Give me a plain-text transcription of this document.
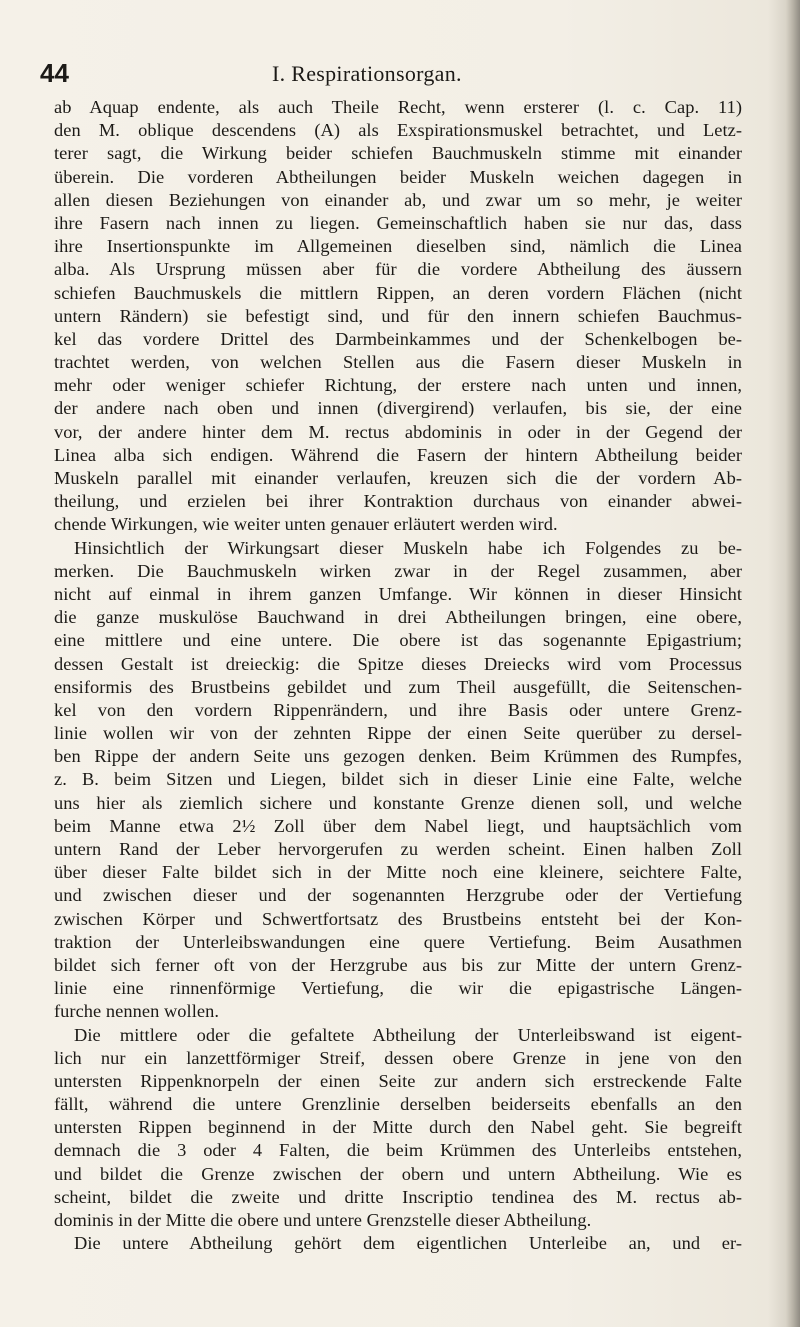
44	I. Respirationsorgan.
ab Aquap endente, als auch Theile Recht, wenn ersterer (l. c. Cap. 11)
den M. oblique descendens (A) als Exspirationsmuskel betrachtet, und Letz-
terer sagt, die Wirkung beider schiefen Bauchmuskeln stimme mit einander
überein. Die vorderen Abtheilungen beider Muskeln weichen dagegen in
allen diesen Beziehungen von einander ab, und zwar um so mehr, je weiter
ihre Fasern nach innen zu liegen. Gemeinschaftlich haben sie nur das, dass
ihre Insertionspunkte im Allgemeinen dieselben sind, nämlich die Linea
alba. Als Ursprung müssen aber für die vordere Abtheilung des äussern
schiefen Bauchmuskels die mittlern Rippen, an deren vordern Flächen (nicht
untern Rändern) sie befestigt sind, und für den innern schiefen Bauchmus-
kel das vordere Drittel des Darmbeinkammes und der Schenkelbogen be-
trachtet werden, von welchen Stellen aus die Fasern dieser Muskeln in
mehr oder weniger schiefer Richtung, der erstere nach unten und innen,
der andere nach oben und innen (divergirend) verlaufen, bis sie, der eine
vor, der andere hinter dem M. rectus abdominis in oder in der Gegend der
Linea alba sich endigen. Während die Fasern der hintern Abtheilung beider
Muskeln parallel mit einander verlaufen, kreuzen sich die der vordern Ab-
theilung, und erzielen bei ihrer Kontraktion durchaus von einander abwei-
chende Wirkungen, wie weiter unten genauer erläutert werden wird.
Hinsichtlich der Wirkungsart dieser Muskeln habe ich Folgendes zu be-
merken. Die Bauchmuskeln wirken zwar in der Regel zusammen, aber
nicht auf einmal in ihrem ganzen Umfange. Wir können in dieser Hinsicht
die ganze muskulöse Bauchwand in drei Abtheilungen bringen, eine obere,
eine mittlere und eine untere. Die obere ist das sogenannte Epigastrium;
dessen Gestalt ist dreieckig: die Spitze dieses Dreiecks wird vom Processus
ensiformis des Brustbeins gebildet und zum Theil ausgefüllt, die Seitenschen-
kel von den vordern Rippenrändern, und ihre Basis oder untere Grenz-
linie wollen wir von der zehnten Rippe der einen Seite querüber zu dersel-
ben Rippe der andern Seite uns gezogen denken. Beim Krümmen des Rumpfes,
z. B. beim Sitzen und Liegen, bildet sich in dieser Linie eine Falte, welche
uns hier als ziemlich sichere und konstante Grenze dienen soll, und welche
beim Manne etwa 2½ Zoll über dem Nabel liegt, und hauptsächlich vom
untern Rand der Leber hervorgerufen zu werden scheint. Einen halben Zoll
über dieser Falte bildet sich in der Mitte noch eine kleinere, seichtere Falte,
und zwischen dieser und der sogenannten Herzgrube oder der Vertiefung
zwischen Körper und Schwertfortsatz des Brustbeins entsteht bei der Kon-
traktion der Unterleibswandungen eine quere Vertiefung. Beim Ausathmen
bildet sich ferner oft von der Herzgrube aus bis zur Mitte der untern Grenz-
linie eine rinnenförmige Vertiefung, die wir die epigastrische Längen-
furche nennen wollen.
Die mittlere oder die gefaltete Abtheilung der Unterleibswand ist eigent-
lich nur ein lanzettförmiger Streif, dessen obere Grenze in jene von den
untersten Rippenknorpeln der einen Seite zur andern sich erstreckende Falte
fällt, während die untere Grenzlinie derselben beiderseits ebenfalls an den
untersten Rippen beginnend in der Mitte durch den Nabel geht. Sie begreift
demnach die 3 oder 4 Falten, die beim Krümmen des Unterleibs entstehen,
und bildet die Grenze zwischen der obern und untern Abtheilung. Wie es
scheint, bildet die zweite und dritte Inscriptio tendinea des M. rectus ab-
dominis in der Mitte die obere und untere Grenzstelle dieser Abtheilung.
Die untere Abtheilung gehört dem eigentlichen Unterleibe an, und er-
